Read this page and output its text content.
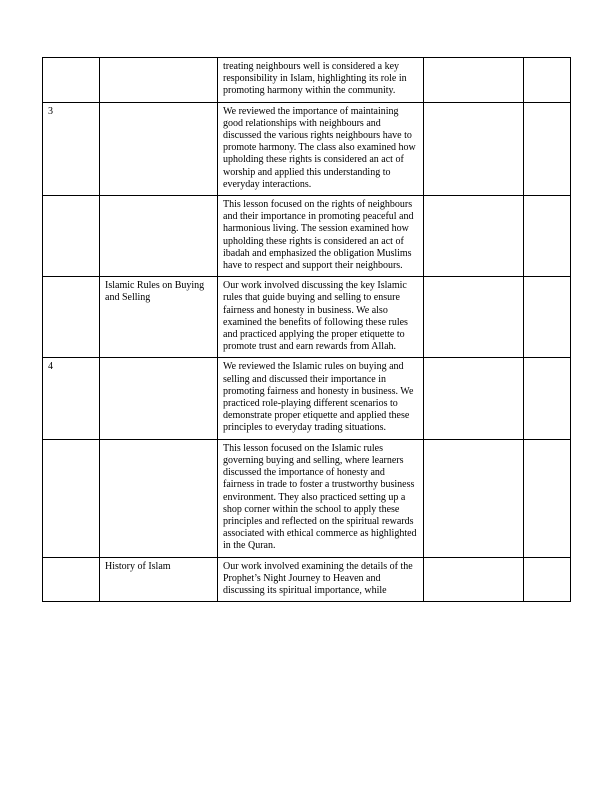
		treating neighbours well is considered a key responsibility in Islam, highlighting its role in promoting harmony within the community.		

3		We reviewed the importance of maintaining good relationships with neighbours and discussed the various rights neighbours have to promote harmony. The class also examined how upholding these rights is considered an act of worship and applied this understanding to everyday interactions.		

		This lesson focused on the rights of neighbours and their importance in promoting peaceful and harmonious living. The session examined how upholding these rights is considered an act of ibadah and emphasized the obligation Muslims have to respect and support their neighbours.		

	Islamic Rules on Buying and Selling	Our work involved discussing the key Islamic rules that guide buying and selling to ensure fairness and honesty in business. We also examined the benefits of following these rules and practiced applying the proper etiquette to promote trust and earn rewards from Allah.		

4		We reviewed the Islamic rules on buying and selling and discussed their importance in promoting fairness and honesty in business. We practiced role-playing different scenarios to demonstrate proper etiquette and applied these principles to everyday trading situations.		

		This lesson focused on the Islamic rules governing buying and selling, where learners discussed the importance of honesty and fairness in trade to foster a trustworthy business environment. They also practiced setting up a shop corner within the school to apply these principles and reflected on the spiritual rewards associated with ethical commerce as highlighted in the Quran.		

	History of Islam	Our work involved examining the details of the Prophet’s Night Journey to Heaven and discussing its spiritual importance, while		
